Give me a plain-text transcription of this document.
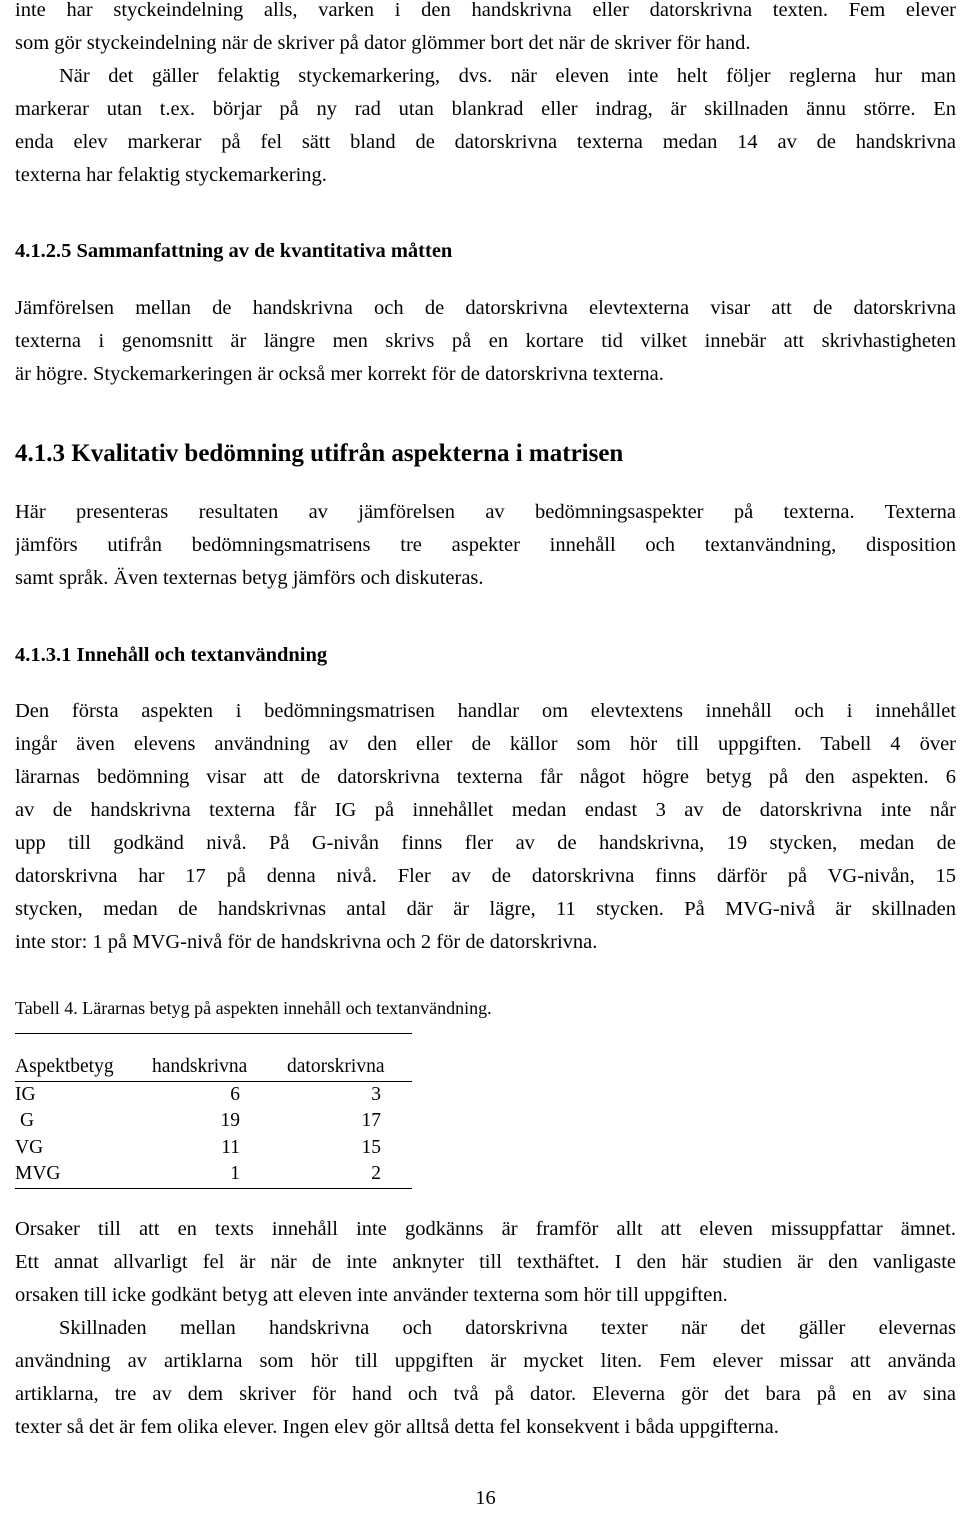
inte har styckeindelning alls, varken i den handskrivna eller datorskrivna texten. Fem elever
som gör styckeindelning när de skriver på dator glömmer bort det när de skriver för hand.
När det gäller felaktig styckemarkering, dvs. när eleven inte helt följer reglerna hur man
markerar utan t.ex. börjar på ny rad utan blankrad eller indrag, är skillnaden ännu större. En
enda elev markerar på fel sätt bland de datorskrivna texterna medan 14 av de handskrivna
texterna har felaktig styckemarkering.
4.1.2.5 Sammanfattning av de kvantitativa måtten
Jämförelsen mellan de handskrivna och de datorskrivna elevtexterna visar att de datorskrivna
texterna i genomsnitt är längre men skrivs på en kortare tid vilket innebär att skrivhastigheten
är högre. Styckemarkeringen är också mer korrekt för de datorskrivna texterna.
4.1.3 Kvalitativ bedömning utifrån aspekterna i matrisen
Här presenteras resultaten av jämförelsen av bedömningsaspekter på texterna. Texterna
jämförs utifrån bedömningsmatrisens tre aspekter innehåll och textanvändning, disposition
samt språk. Även texternas betyg jämförs och diskuteras.
4.1.3.1 Innehåll och textanvändning
Den första aspekten i bedömningsmatrisen handlar om elevtextens innehåll och i innehållet
ingår även elevens användning av den eller de källor som hör till uppgiften. Tabell 4 över
lärarnas bedömning visar att de datorskrivna texterna får något högre betyg på den aspekten. 6
av de handskrivna texterna får IG på innehållet medan endast 3 av de datorskrivna inte når
upp till godkänd nivå. På G-nivån finns fler av de handskrivna, 19 stycken, medan de
datorskrivna har 17 på denna nivå. Fler av de datorskrivna finns därför på VG-nivån, 15
stycken, medan de handskrivnas antal där är lägre, 11 stycken. På MVG-nivå är skillnaden
inte stor: 1 på MVG-nivå för de handskrivna och 2 för de datorskrivna.
Tabell 4. Lärarnas betyg på aspekten innehåll och textanvändning.
Aspektbetyg	handskrivna	datorskrivna
IG	6	3
G	19	17
VG	11	15
MVG	1	2
Orsaker till att en texts innehåll inte godkänns är framför allt att eleven missuppfattar ämnet.
Ett annat allvarligt fel är när de inte anknyter till texthäftet. I den här studien är den vanligaste
orsaken till icke godkänt betyg att eleven inte använder texterna som hör till uppgiften.
Skillnaden mellan handskrivna och datorskrivna texter när det gäller elevernas
användning av artiklarna som hör till uppgiften är mycket liten. Fem elever missar att använda
artiklarna, tre av dem skriver för hand och två på dator. Eleverna gör det bara på en av sina
texter så det är fem olika elever. Ingen elev gör alltså detta fel konsekvent i båda uppgifterna.
16
